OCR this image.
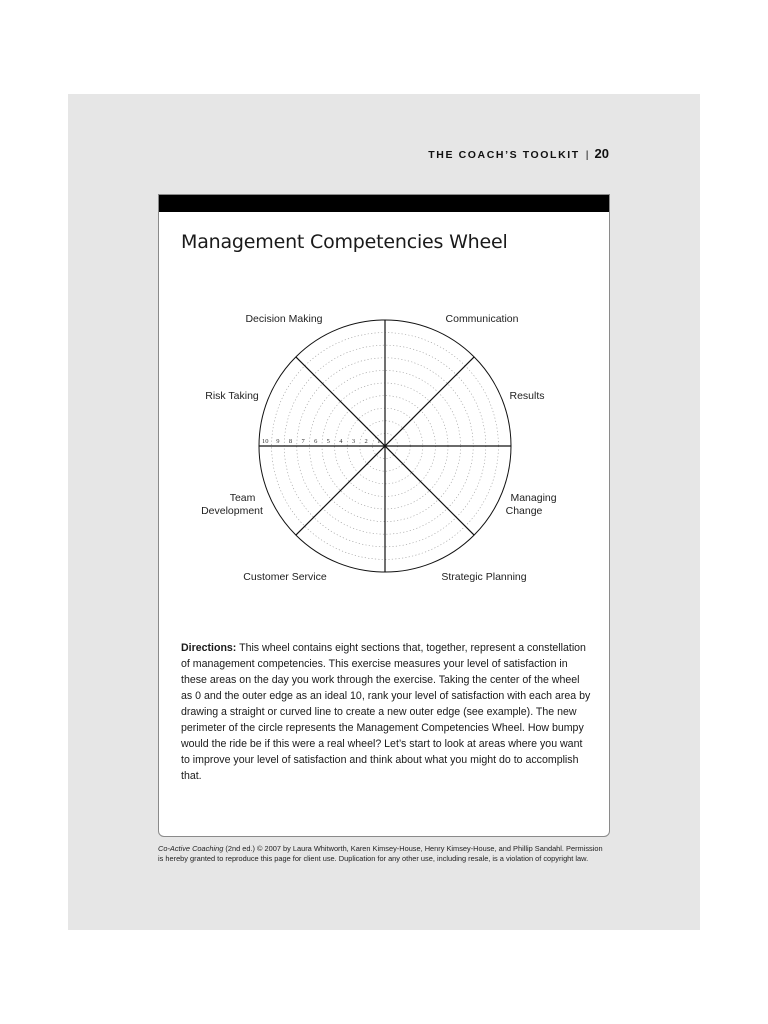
THE COACH’S TOOLKIT | 20
Management Competencies Wheel
10 9 8 7 6 5 4 3 2 1
Decision Making	Communication
Risk Taking	Results
Team Development
Managing Change
Customer Service	Strategic Planning
Directions: This wheel contains eight sections that, together, represent a constellation of management competencies. This exercise measures your level of satisfaction in these areas on the day you work through the exercise. Taking the center of the wheel as 0 and the outer edge as an ideal 10, rank your level of satisfaction with each area by drawing a straight or curved line to create a new outer edge (see example). The new perimeter of the circle represents the Management Competencies Wheel. How bumpy would the ride be if this were a real wheel? Let’s start to look at areas where you want to improve your level of satisfaction and think about what you might do to accomplish that.
Co-Active Coaching (2nd ed.) © 2007 by Laura Whitworth, Karen Kimsey-House, Henry Kimsey-House, and Phillip Sandahl. Permission is hereby granted to reproduce this page for client use. Duplication for any other use, including resale, is a violation of copyright law.
